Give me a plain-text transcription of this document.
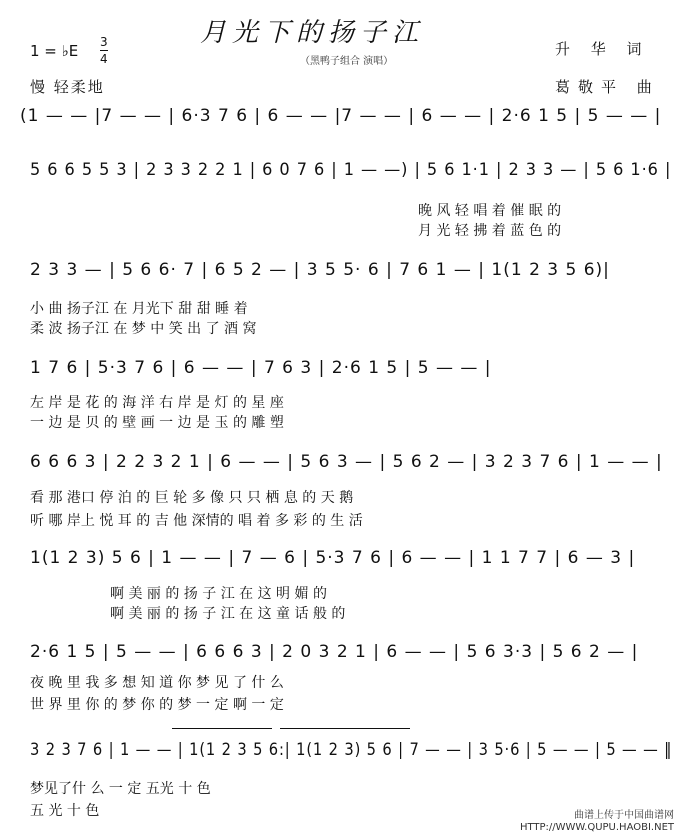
月光下的扬子江
（黑鸭子组合 演唱）
1 = ♭E 3
4
慢 轻柔地
升 华 词
葛敬平 曲
(1 — — |7 — — | 6·3 7 6 | 6 — — |7 — — | 6 — — | 2·6 1 5 | 5 — — |
5 6 6 5 5 3 | 2 3 3 2 2 1 | 6 0 7 6 | 1 — —) | 5 6 1·1 | 2 3 3 — | 5 6 1·6 |
晚 风 轻 唱 着 催 眠 的
月 光 轻 拂 着 蓝 色 的
2 3 3 — | 5 6 6· 7 | 6 5 2 — | 3 5 5· 6 | 7 6 1 — | 1(1 2 3 5 6)|
小 曲 扬子江 在 月光下 甜 甜 睡 着
柔 波 扬子江 在 梦 中 笑 出 了 酒 窝
1 7 6 | 5·3 7 6 | 6 — — | 7 6 3 | 2·6 1 5 | 5 — — |
左 岸 是 花 的 海 洋 右 岸 是 灯 的 星 座
一 边 是 贝 的 壁 画 一 边 是 玉 的 雕 塑
6 6 6 3 | 2 2 3 2 1 | 6 — — | 5 6 3 — | 5 6 2 — | 3 2 3 7 6 | 1 — — |
看 那 港口 停 泊 的 巨 轮 多 像 只 只 栖 息 的 天 鹅
听 哪 岸上 悦 耳 的 吉 他 深情的 唱 着 多 彩 的 生 活
1(1 2 3) 5 6 | 1 — — | 7 — 6 | 5·3 7 6 | 6 — — | 1 1 7 7 | 6 — 3 |
啊 美 丽 的 扬 子 江 在 这 明 媚 的
啊 美 丽 的 扬 子 江 在 这 童 话 般 的
2·6 1 5 | 5 — — | 6 6 6 3 | 2 0 3 2 1 | 6 — — | 5 6 3·3 | 5 6 2 — |
夜 晚 里 我 多 想 知 道 你 梦 见 了 什 么
世 界 里 你 的 梦 你 的 梦 一 定 啊 一 定
3 2 3 7 6 | 1 — — | 1(1 2 3 5 6:| 1(1 2 3) 5 6 | 7 — — | 3 5·6 | 5 — — | 5 — — ‖
梦见了什 么 一 定 五光 十 色
五 光 十 色	曲谱上传于中国曲谱网
HTTP://WWW.QUPU.HAOBI.NET
